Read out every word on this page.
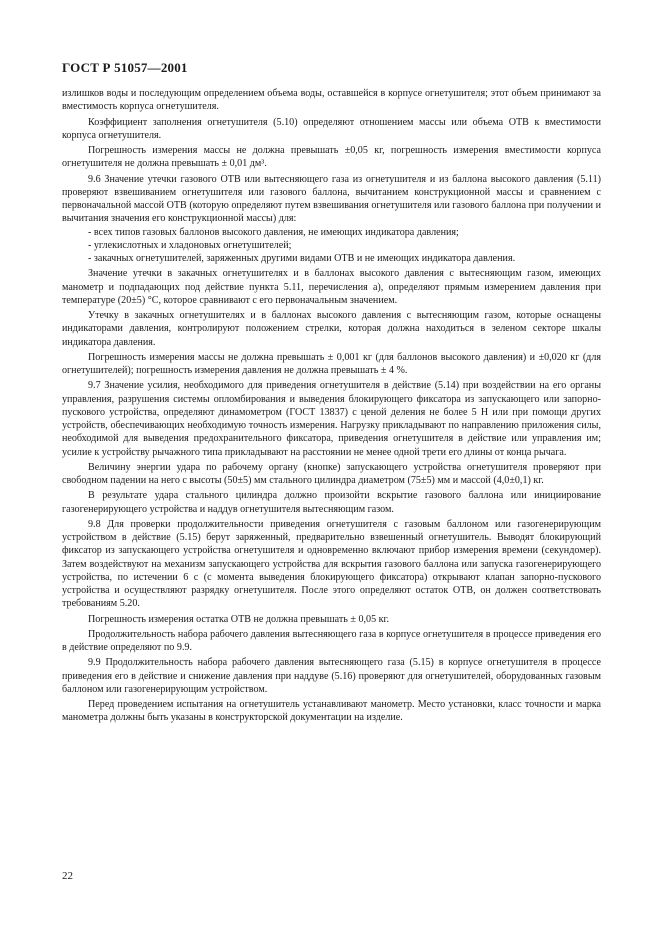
ГОСТ Р 51057—2001

излишков воды и последующим определением объема воды, оставшейся в корпусе огнетушителя; этот объем принимают за вместимость корпуса огнетушителя.

Коэффициент заполнения огнетушителя (5.10) определяют отношением массы или объема ОТВ к вместимости корпуса огнетушителя.

Погрешность измерения массы не должна превышать ±0,05 кг, погрешность измерения вместимости корпуса огнетушителя не должна превышать ± 0,01 дм³.

9.6 Значение утечки газового ОТВ или вытесняющего газа из огнетушителя и из баллона высокого давления (5.11) проверяют взвешиванием огнетушителя или газового баллона, вычитанием конструкционной массы и сравнением с первоначальной массой ОТВ (которую определяют путем взвешивания огнетушителя или газового баллона при получении и вычитания значения его конструкционной массы) для:

- всех типов газовых баллонов высокого давления, не имеющих индикатора давления;

- углекислотных и хладоновых огнетушителей;

- закачных огнетушителей, заряженных другими видами ОТВ и не имеющих индикатора давления.

Значение утечки в закачных огнетушителях и в баллонах высокого давления с вытесняющим газом, имеющих манометр и подпадающих под действие пункта 5.11, перечисления а), определяют прямым измерением давления при температуре (20±5) °С, которое сравнивают с его первоначальным значением.

Утечку в закачных огнетушителях и в баллонах высокого давления с вытесняющим газом, которые оснащены индикаторами давления, контролируют положением стрелки, которая должна находиться в зеленом секторе шкалы индикатора давления.

Погрешность измерения массы не должна превышать ± 0,001 кг (для баллонов высокого давления) и ±0,020 кг (для огнетушителей); погрешность измерения давления не должна превышать ± 4 %.

9.7 Значение усилия, необходимого для приведения огнетушителя в действие (5.14) при воздействии на его органы управления, разрушения системы опломбирования и выведения блокирующего фиксатора из запускающего или запорно-пускового устройства, определяют динамометром (ГОСТ 13837) с ценой деления не более 5 Н или при помощи других устройств, обеспечивающих необходимую точность измерения. Нагрузку прикладывают по направлению приложения силы, необходимой для выведения предохранительного фиксатора, приведения огнетушителя в действие или управления им; усилие к устройству рычажного типа прикладывают на расстоянии не менее одной трети его длины от конца рычага.

Величину энергии удара по рабочему органу (кнопке) запускающего устройства огнетушителя проверяют при свободном падении на него с высоты (50±5) мм стального цилиндра диаметром (75±5) мм и массой (4,0±0,1) кг.

В результате удара стального цилиндра должно произойти вскрытие газового баллона или инициирование газогенерирующего устройства и наддув огнетушителя вытесняющим газом.

9.8 Для проверки продолжительности приведения огнетушителя с газовым баллоном или газогенерирующим устройством в действие (5.15) берут заряженный, предварительно взвешенный огнетушитель. Выводят блокирующий фиксатор из запускающего устройства огнетушителя и одновременно включают прибор измерения времени (секундомер). Затем воздействуют на механизм запускающего устройства для вскрытия газового баллона или запуска газогенерирующего устройства, по истечении 6 с (с момента выведения блокирующего фиксатора) открывают клапан запорно-пускового устройства и осуществляют разрядку огнетушителя. После этого определяют остаток ОТВ, он должен соответствовать требованиям 5.20.

Погрешность измерения остатка ОТВ не должна превышать ± 0,05 кг.

Продолжительность набора рабочего давления вытесняющего газа в корпусе огнетушителя в процессе приведения его в действие определяют по 9.9.

9.9 Продолжительность набора рабочего давления вытесняющего газа (5.15) в корпусе огнетушителя в процессе приведения его в действие и снижение давления при наддуве (5.16) проверяют для огнетушителей, оборудованных газовым баллоном или газогенерирующим устройством.

Перед проведением испытания на огнетушитель устанавливают манометр. Место установки, класс точности и марка манометра должны быть указаны в конструкторской документации на изделие.

22
